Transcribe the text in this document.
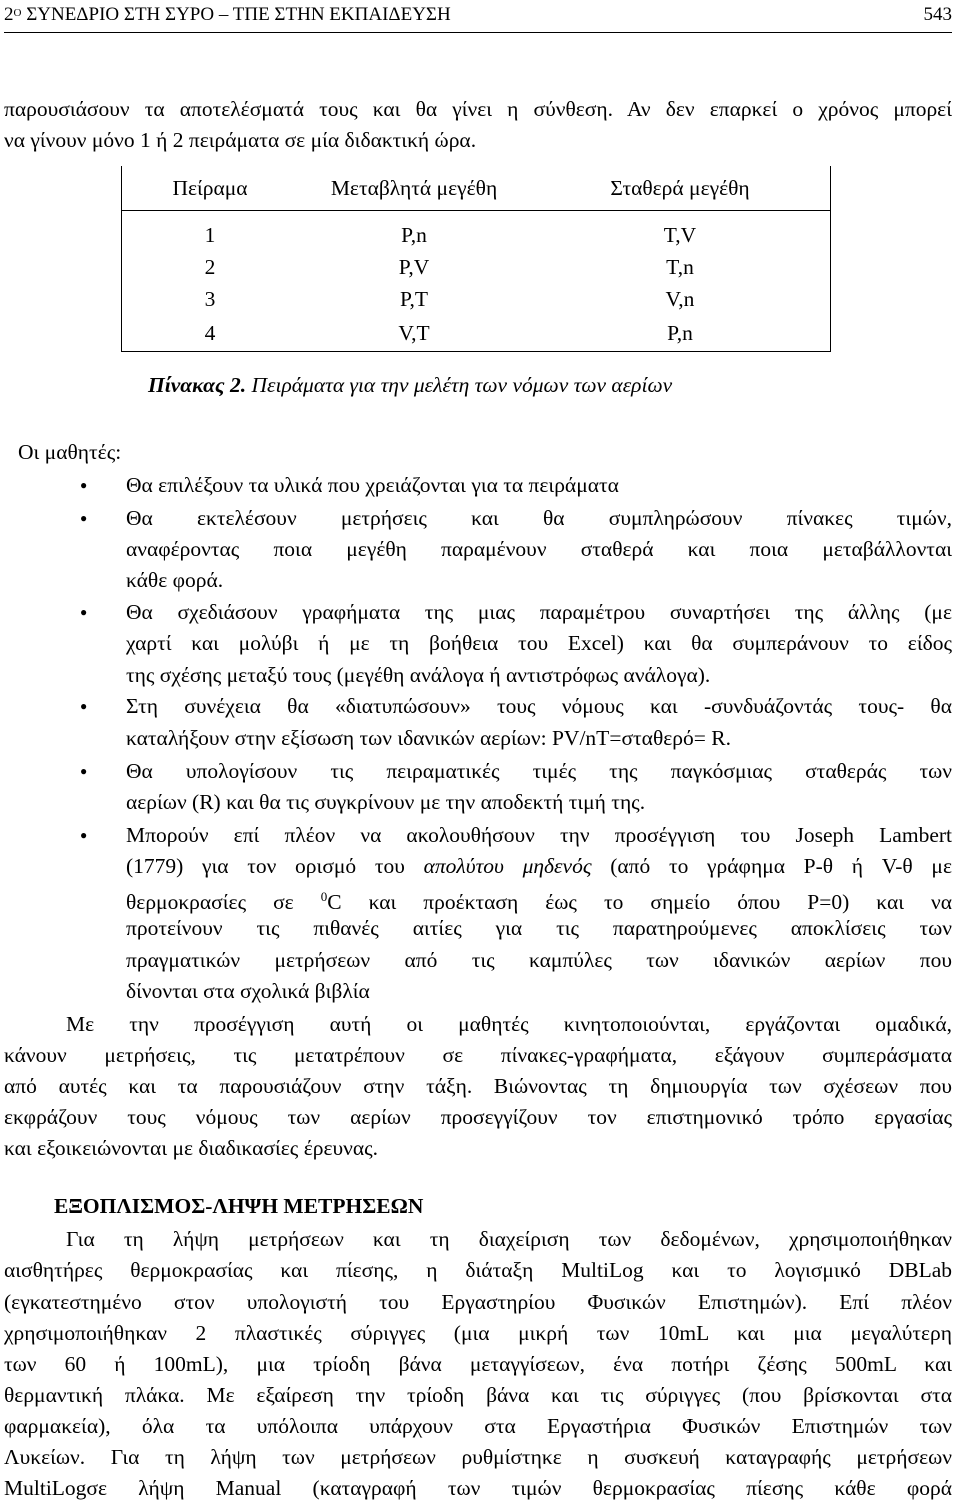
$2^O$ ΣΥΝΕΔΡΙΟ ΣΤΗ ΣΥΡΟ – ΤΠΕ ΣΤΗΝ ΕΚΠΑΙΔΕΥΣΗ	543
παρουσιάσουν τα αποτελέσματά τους και θα γίνει η σύνθεση. Αν δεν επαρκεί ο χρόνος μπορεί
να γίνουν μόνο 1 ή 2 πειράματα σε μία διδακτική ώρα.
Πείραμα	Μεταβλητά μεγέθη	Σταθερά μεγέθη
1	P,n	T,V
2	P,V	T,n
3	P,T	V,n
4	V,T	P,n
Πίνακας 2. Πειράματα για την μελέτη των νόμων των αερίων
Οι μαθητές:
● Θα επιλέξουν τα υλικά που χρειάζονται για τα πειράματα
● Θα εκτελέσουν μετρήσεις και θα συμπληρώσουν πίνακες τιμών,
αναφέροντας ποια μεγέθη παραμένουν σταθερά και ποια μεταβάλλονται
κάθε φορά.
● Θα σχεδιάσουν γραφήματα της μιας παραμέτρου συναρτήσει της άλλης (με
χαρτί και μολύβι ή με τη βοήθεια του Excel) και θα συμπεράνουν το είδος
της σχέσης μεταξύ τους (μεγέθη ανάλογα ή αντιστρόφως ανάλογα).
● Στη συνέχεια θα «διατυπώσουν» τους νόμους και -συνδυάζοντάς τους- θα
καταλήξουν στην εξίσωση των ιδανικών αερίων: PV/nT=σταθερό= R.
● Θα υπολογίσουν τις πειραματικές τιμές της παγκόσμιας σταθεράς των
αερίων (R) και θα τις συγκρίνουν με την αποδεκτή τιμή της.
● Μπορούν επί πλέον να ακολουθήσουν την προσέγγιση του Joseph Lambert
(1779) για τον ορισμό του απολύτου μηδενός (από το γράφημα P-θ ή V-θ με
θερμοκρασίες σε $^0$C και προέκταση έως το σημείο όπου P=0) και να
προτείνουν τις πιθανές αιτίες για τις παρατηρούμενες αποκλίσεις των
πραγματικών μετρήσεων από τις καμπύλες των ιδανικών αερίων που
δίνονται στα σχολικά βιβλία
Με την προσέγγιση αυτή οι μαθητές κινητοποιούνται, εργάζονται ομαδικά,
κάνουν μετρήσεις, τις μετατρέπουν σε πίνακες-γραφήματα, εξάγουν συμπεράσματα
από αυτές και τα παρουσιάζουν στην τάξη. Βιώνοντας τη δημιουργία των σχέσεων που
εκφράζουν τους νόμους των αερίων προσεγγίζουν τον επιστημονικό τρόπο εργασίας
και εξοικειώνονται με διαδικασίες έρευνας.
ΕΞΟΠΛΙΣΜΟΣ-ΛΗΨΗ ΜΕΤΡΗΣΕΩΝ
Για τη λήψη μετρήσεων και τη διαχείριση των δεδομένων, χρησιμοποιήθηκαν
αισθητήρες θερμοκρασίας και πίεσης, η διάταξη MultiLog και το λογισμικό DBLab
(εγκατεστημένο στον υπολογιστή του Εργαστηρίου Φυσικών Επιστημών). Επί πλέον
χρησιμοποιήθηκαν 2 πλαστικές σύριγγες (μια μικρή των 10mL και μια μεγαλύτερη
των 60 ή 100mL), μια τρίοδη βάνα μεταγγίσεων, ένα ποτήρι ζέσης 500mL και
θερμαντική πλάκα. Με εξαίρεση την τρίοδη βάνα και τις σύριγγες (που βρίσκονται στα
φαρμακεία), όλα τα υπόλοιπα υπάρχουν στα Εργαστήρια Φυσικών Επιστημών των
Λυκείων. Για τη λήψη των μετρήσεων ρυθμίστηκε η συσκευή καταγραφής μετρήσεων
MultiLogσε λήψη Manual (καταγραφή των τιμών θερμοκρασίας πίεσης κάθε φορά
